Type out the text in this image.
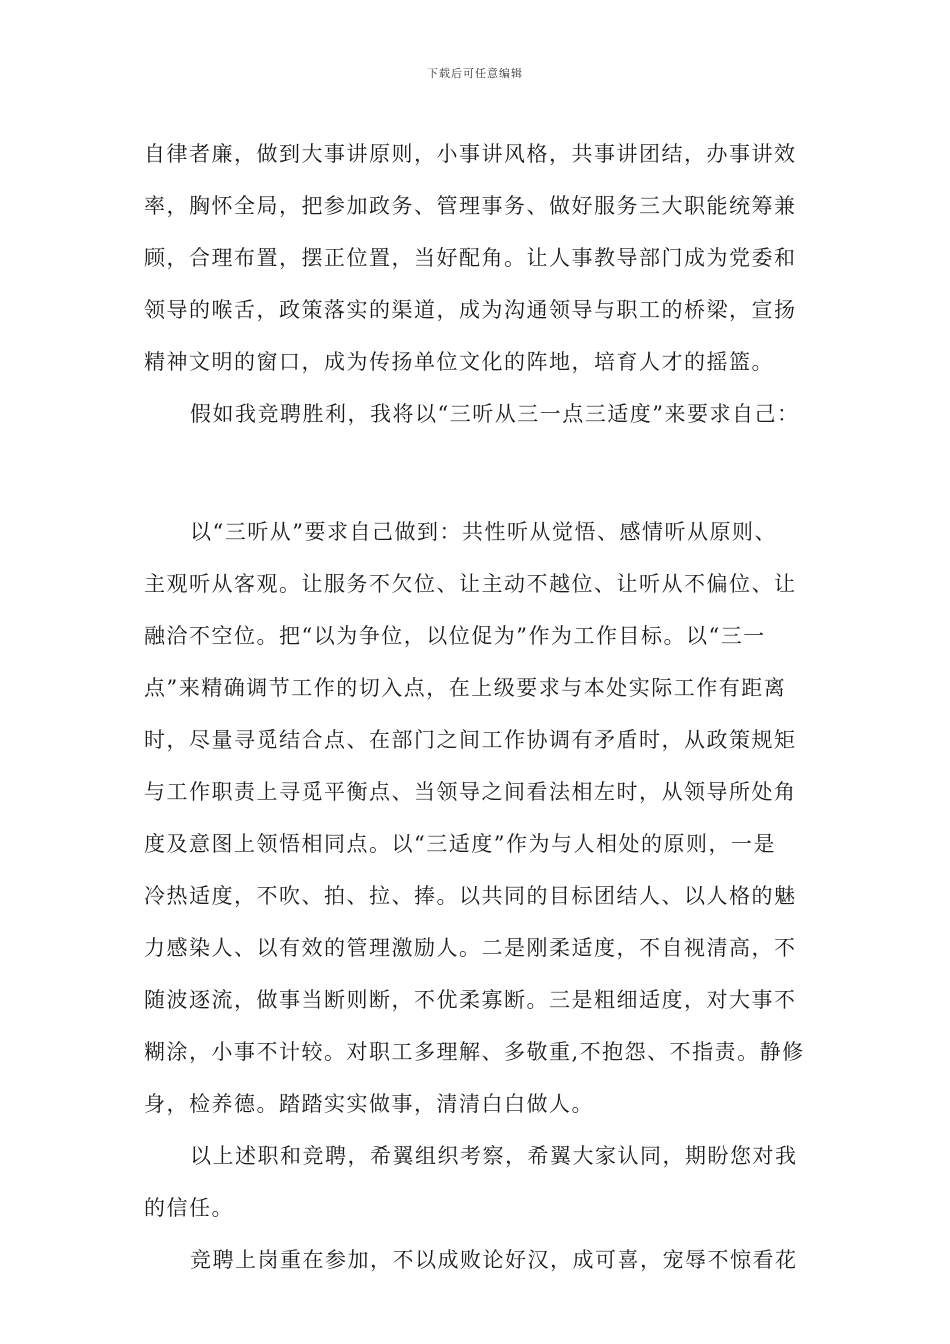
下载后可任意编辑
自律者廉，做到大事讲原则，小事讲风格，共事讲团结，办事讲效
率，胸怀全局，把参加政务、管理事务、做好服务三大职能统筹兼
顾，合理布置，摆正位置，当好配角。让人事教导部门成为党委和
领导的喉舌，政策落实的渠道，成为沟通领导与职工的桥梁，宣扬
精神文明的窗口，成为传扬单位文化的阵地，培育人才的摇篮。
假如我竞聘胜利，我将以“三听从三一点三适度”来要求自己：
以“三听从”要求自己做到：共性听从觉悟、感情听从原则、
主观听从客观。让服务不欠位、让主动不越位、让听从不偏位、让
融洽不空位。把“以为争位，以位促为”作为工作目标。以“三一
点”来精确调节工作的切入点，在上级要求与本处实际工作有距离
时，尽量寻觅结合点、在部门之间工作协调有矛盾时，从政策规矩
与工作职责上寻觅平衡点、当领导之间看法相左时，从领导所处角
度及意图上领悟相同点。以“三适度”作为与人相处的原则，一是
冷热适度，不吹、拍、拉、捧。以共同的目标团结人、以人格的魅
力感染人、以有效的管理激励人。二是刚柔适度，不自视清高，不
随波逐流，做事当断则断，不优柔寡断。三是粗细适度，对大事不
糊涂，小事不计较。对职工多理解、多敬重,不抱怨、不指责。静修
身，检养德。踏踏实实做事，清清白白做人。
以上述职和竞聘，希翼组织考察，希翼大家认同，期盼您对我
的信任。
竞聘上岗重在参加，不以成败论好汉，成可喜，宠辱不惊看花
